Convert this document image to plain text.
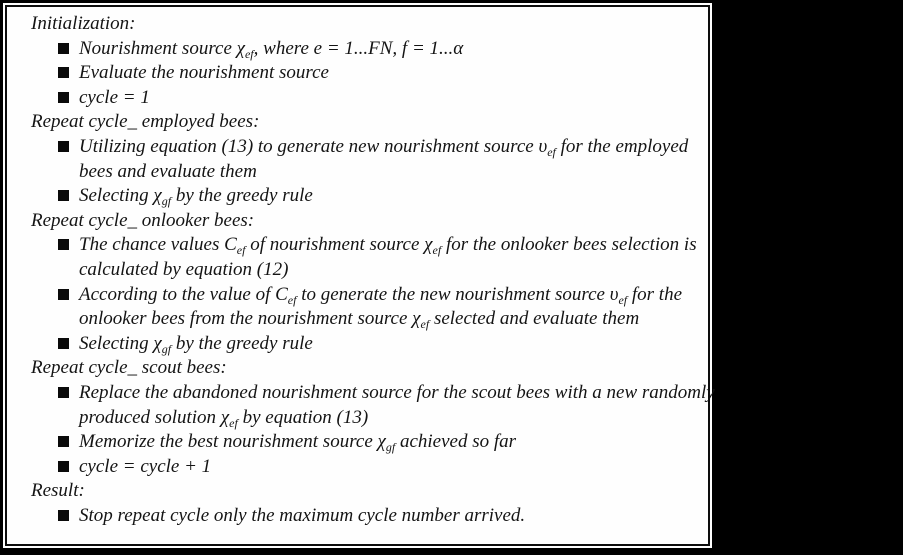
Initialization:
Nourishment source $\chi_{ef}$, where e = 1...FN, f = 1...α
Evaluate the nourishment source
cycle = 1
Repeat cycle_ employed bees:
Utilizing equation (13) to generate new nourishment source $\upsilon_{ef}$ for the employed
bees and evaluate them
Selecting $\chi_{gf}$ by the greedy rule
Repeat cycle_ onlooker bees:
The chance values $C_{ef}$ of nourishment source $\chi_{ef}$ for the onlooker bees selection is
calculated by equation (12)
According to the value of $C_{ef}$ to generate the new nourishment source $\upsilon_{ef}$ for the
onlooker bees from the nourishment source $\chi_{ef}$ selected and evaluate them
Selecting $\chi_{gf}$ by the greedy rule
Repeat cycle_ scout bees:
Replace the abandoned nourishment source for the scout bees with a new randomly
produced solution $\chi_{ef}$ by equation (13)
Memorize the best nourishment source $\chi_{gf}$ achieved so far
cycle = cycle + 1
Result:
Stop repeat cycle only the maximum cycle number arrived.
